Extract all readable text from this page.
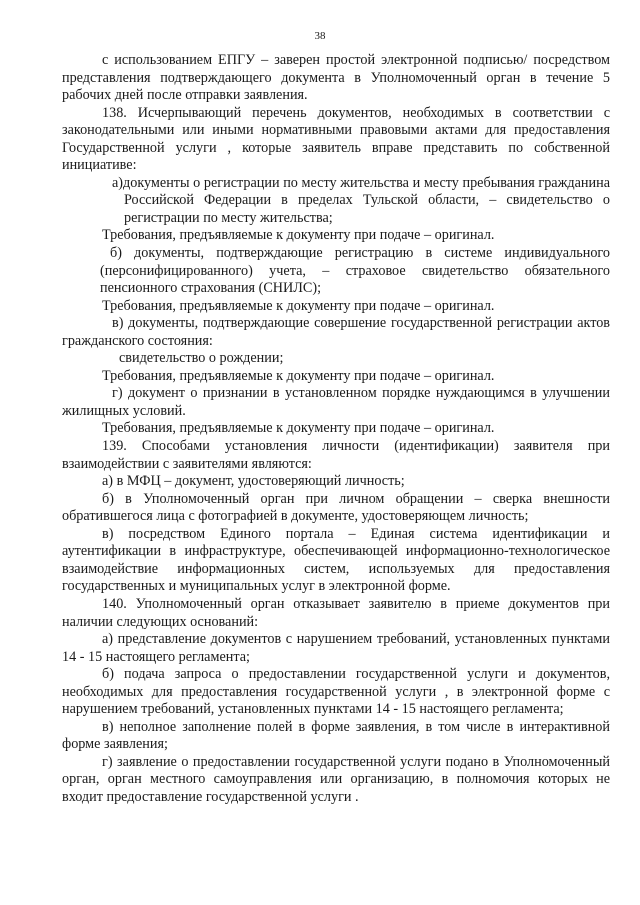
38

с использованием ЕПГУ – заверен простой электронной подписью/ посредством представления подтверждающего документа в Уполномоченный орган в течение 5 рабочих дней после отправки заявления.

138. Исчерпывающий перечень документов, необходимых в соответствии с законодательными или иными нормативными правовыми актами для предоставления Государственной услуги , которые заявитель вправе представить по собственной инициативе:

а)документы о регистрации по месту жительства и месту пребывания гражданина Российской Федерации в пределах Тульской области, – свидетельство о регистрации по месту жительства;

Требования, предъявляемые к документу при подаче – оригинал.

б) документы, подтверждающие регистрацию в системе индивидуального (персонифицированного) учета, – страховое свидетельство обязательного пенсионного страхования (СНИЛС);

Требования, предъявляемые к документу при подаче – оригинал.

в) документы, подтверждающие совершение государственной регистрации актов гражданского состояния:

свидетельство о рождении;

Требования, предъявляемые к документу при подаче – оригинал.

г) документ о признании в установленном порядке нуждающимся в улучшении жилищных условий.

Требования, предъявляемые к документу при подаче – оригинал.

139. Способами установления личности (идентификации) заявителя при взаимодействии с заявителями являются:

а) в МФЦ – документ, удостоверяющий личность;

б) в Уполномоченный орган при личном обращении – сверка внешности обратившегося лица с фотографией в документе, удостоверяющем личность;

в) посредством Единого портала – Единая система идентификации и аутентификации в инфраструктуре, обеспечивающей информационно-технологическое взаимодействие информационных систем, используемых для предоставления государственных и муниципальных услуг в электронной форме.

140. Уполномоченный орган отказывает заявителю в приеме документов при наличии следующих оснований:

а) представление документов с нарушением требований, установленных пунктами 14 - 15 настоящего регламента;

б) подача запроса о предоставлении государственной услуги и документов, необходимых для предоставления государственной услуги , в электронной форме с нарушением требований, установленных пунктами 14 - 15 настоящего регламента;

в) неполное заполнение полей в форме заявления, в том числе в интерактивной форме заявления;

г) заявление о предоставлении государственной услуги подано в Уполномоченный орган, орган местного самоуправления или организацию, в полномочия которых не входит предоставление государственной услуги .
